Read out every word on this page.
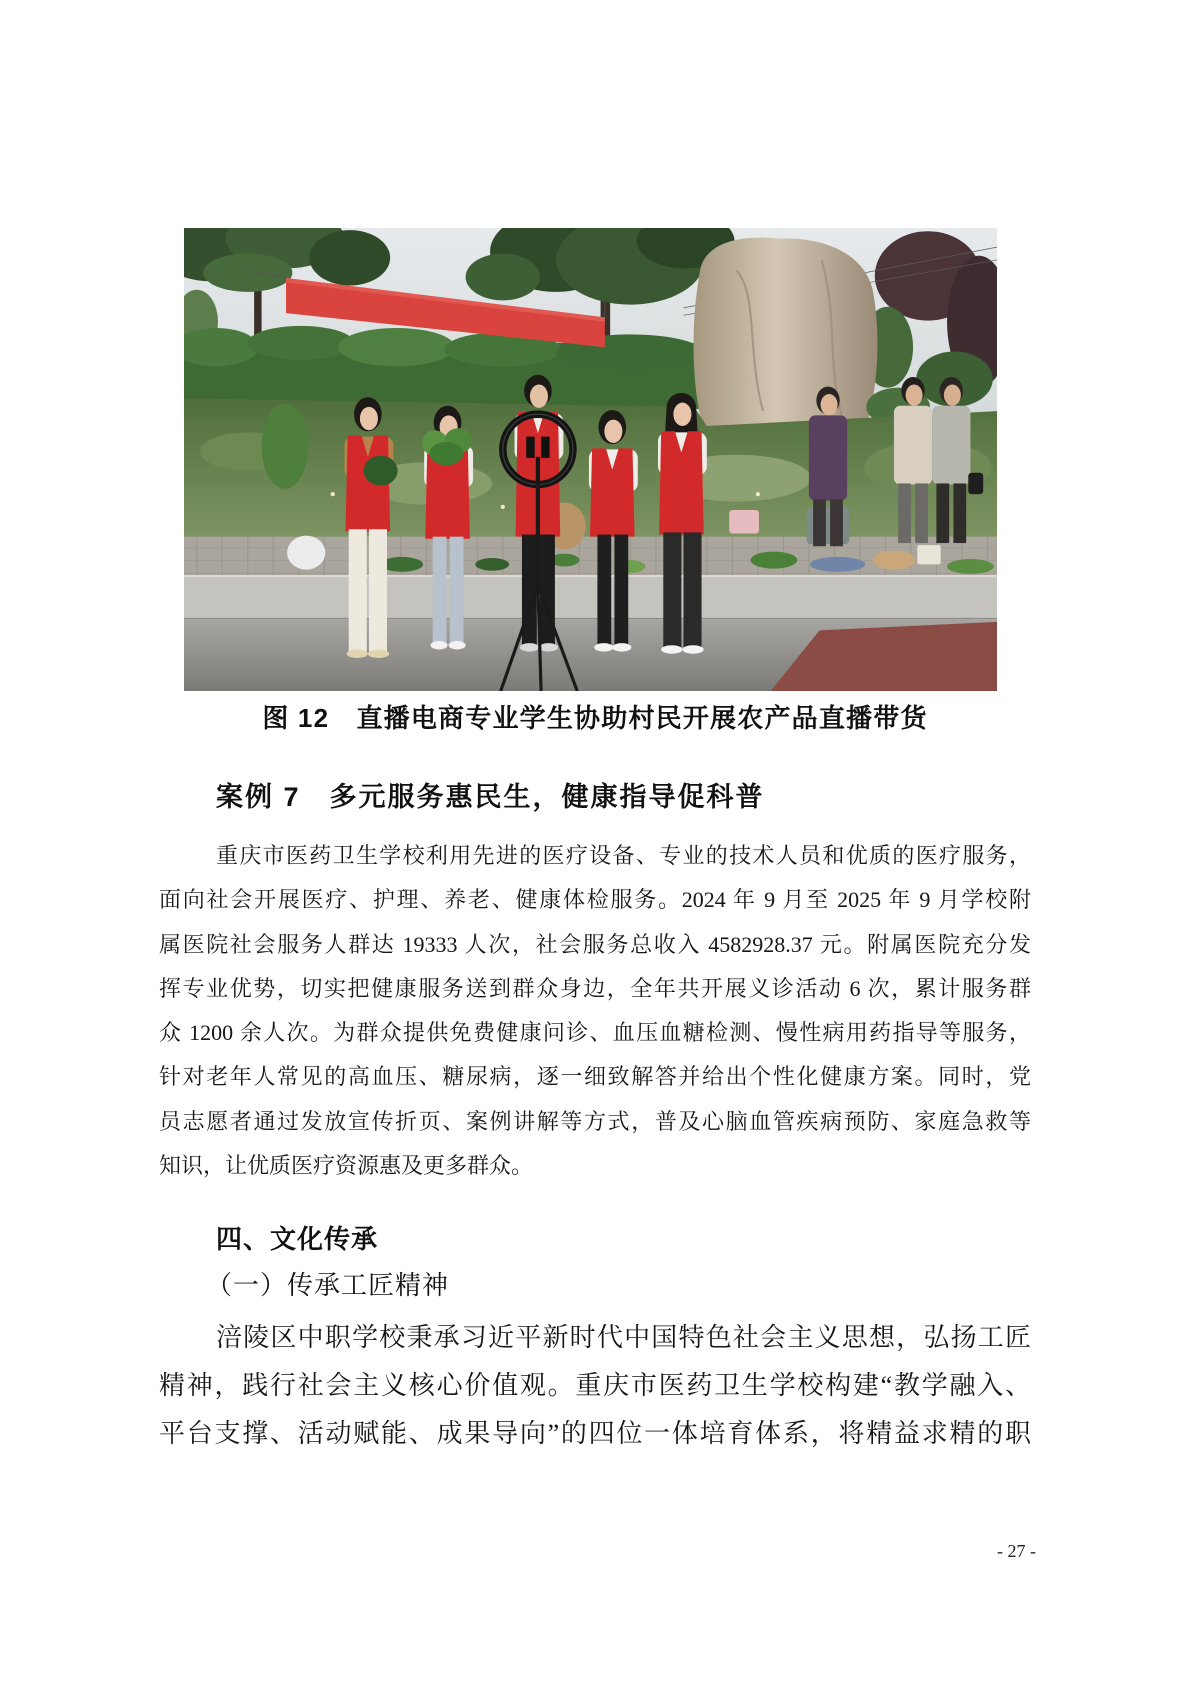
图 12　直播电商专业学生协助村民开展农产品直播带货
案例 7　多元服务惠民生，健康指导促科普
重庆市医药卫生学校利用先进的医疗设备、专业的技术人员和优质的医疗服务，
面向社会开展医疗、护理、养老、健康体检服务。2024 年 9 月至 2025 年 9 月学校附
属医院社会服务人群达 19333 人次，社会服务总收入 4582928.37 元。附属医院充分发
挥专业优势，切实把健康服务送到群众身边，全年共开展义诊活动 6 次，累计服务群
众 1200 余人次。为群众提供免费健康问诊、血压血糖检测、慢性病用药指导等服务，
针对老年人常见的高血压、糖尿病，逐一细致解答并给出个性化健康方案。同时，党
员志愿者通过发放宣传折页、案例讲解等方式，普及心脑血管疾病预防、家庭急救等
知识，让优质医疗资源惠及更多群众。
四、文化传承
（一）传承工匠精神
涪陵区中职学校秉承习近平新时代中国特色社会主义思想，弘扬工匠
精神，践行社会主义核心价值观。重庆市医药卫生学校构建“教学融入、
平台支撑、活动赋能、成果导向”的四位一体培育体系，将精益求精的职
- 27 -
